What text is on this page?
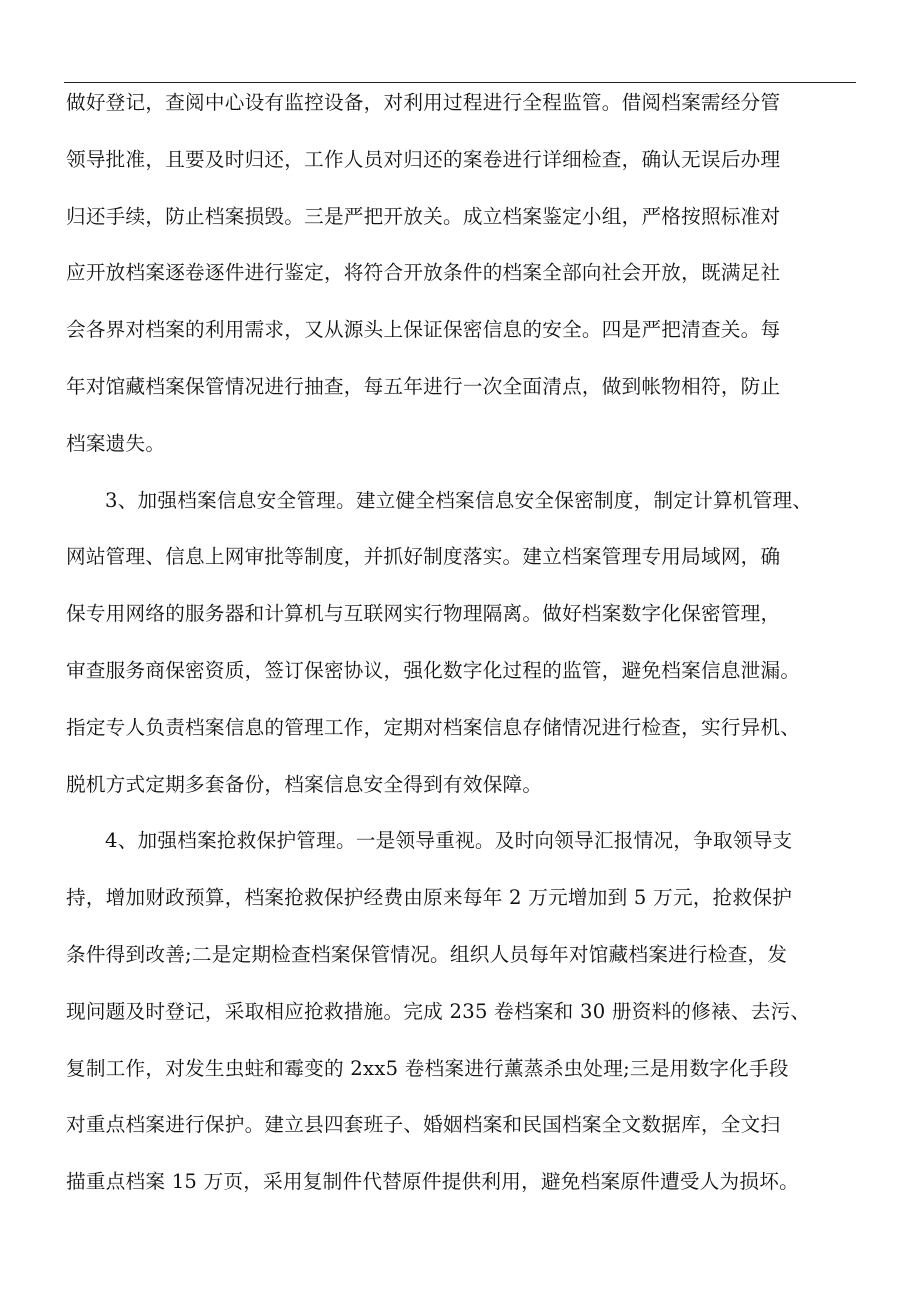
做好登记，查阅中心设有监控设备，对利用过程进行全程监管。借阅档案需经分管
领导批准，且要及时归还，工作人员对归还的案卷进行详细检查，确认无误后办理
归还手续，防止档案损毁。三是严把开放关。成立档案鉴定小组，严格按照标准对
应开放档案逐卷逐件进行鉴定，将符合开放条件的档案全部向社会开放，既满足社
会各界对档案的利用需求，又从源头上保证保密信息的安全。四是严把清查关。每
年对馆藏档案保管情况进行抽查，每五年进行一次全面清点，做到帐物相符，防止
档案遗失。
3、加强档案信息安全管理。建立健全档案信息安全保密制度，制定计算机管理、
网站管理、信息上网审批等制度，并抓好制度落实。建立档案管理专用局域网，确
保专用网络的服务器和计算机与互联网实行物理隔离。做好档案数字化保密管理，
审查服务商保密资质，签订保密协议，强化数字化过程的监管，避免档案信息泄漏。
指定专人负责档案信息的管理工作，定期对档案信息存储情况进行检查，实行异机、
脱机方式定期多套备份，档案信息安全得到有效保障。
4、加强档案抢救保护管理。一是领导重视。及时向领导汇报情况，争取领导支
持，增加财政预算，档案抢救保护经费由原来每年 2 万元增加到 5 万元，抢救保护
条件得到改善;二是定期检查档案保管情况。组织人员每年对馆藏档案进行检查，发
现问题及时登记，采取相应抢救措施。完成 235 卷档案和 30 册资料的修裱、去污、
复制工作，对发生虫蛀和霉变的 2xx5 卷档案进行薰蒸杀虫处理;三是用数字化手段
对重点档案进行保护。建立县四套班子、婚姻档案和民国档案全文数据库，全文扫
描重点档案 15 万页，采用复制件代替原件提供利用，避免档案原件遭受人为损坏。
